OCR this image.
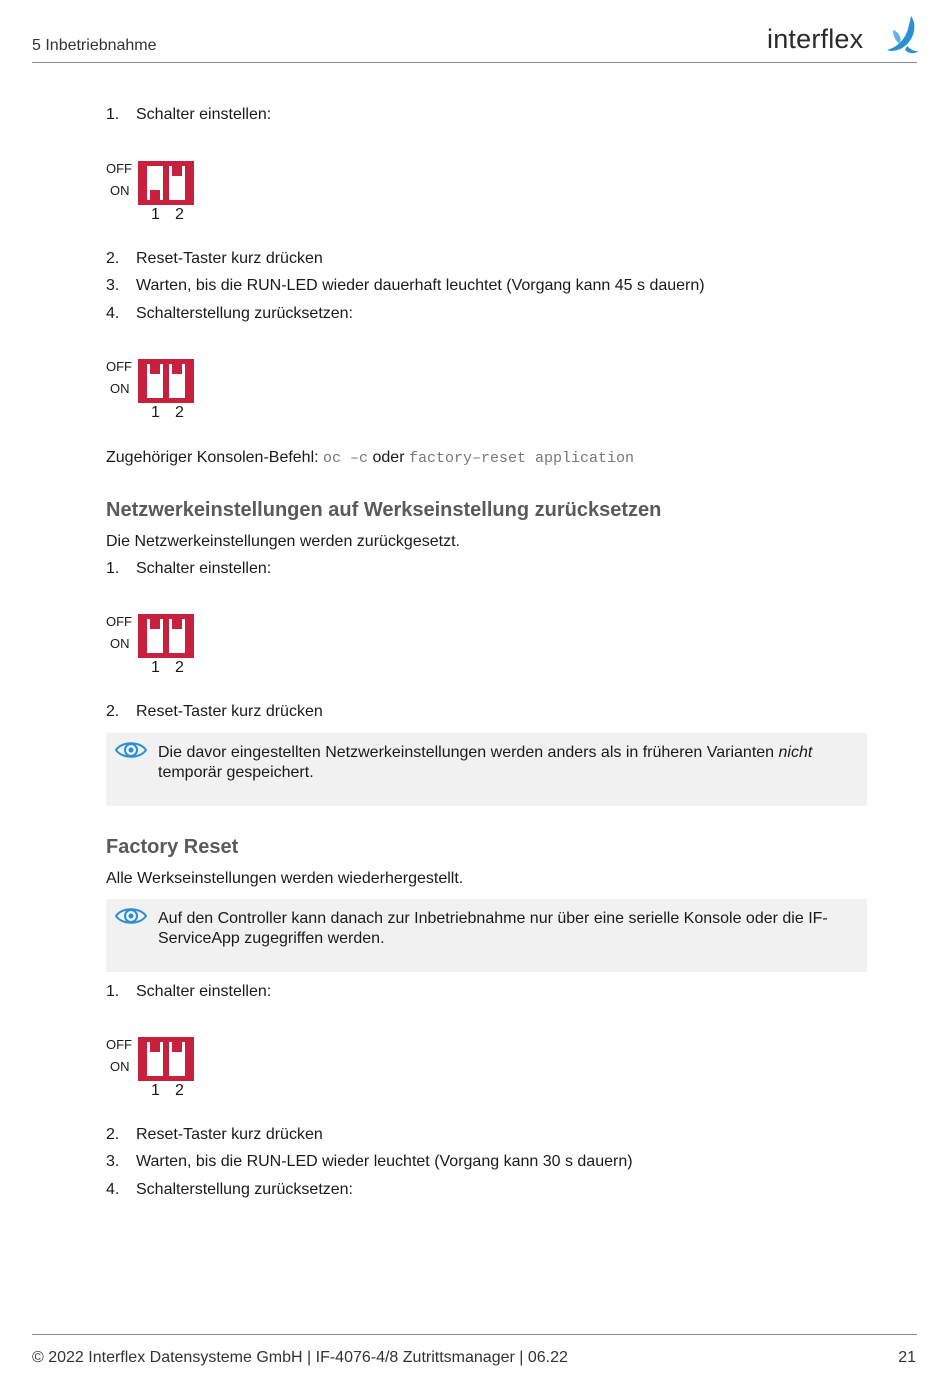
5 Inbetriebnahme	interflex
1. Schalter einstellen:
OFF
ON
1 2
2. Reset-Taster kurz drücken
3. Warten, bis die RUN-LED wieder dauerhaft leuchtet (Vorgang kann 45 s dauern)
4. Schalterstellung zurücksetzen:
OFF
ON
1 2
Zugehöriger Konsolen-Befehl: oc –c oder factory–reset application
Netzwerkeinstellungen auf Werkseinstellung zurücksetzen
Die Netzwerkeinstellungen werden zurückgesetzt.
1. Schalter einstellen:
OFF
ON
1 2
2. Reset-Taster kurz drücken
Die davor eingestellten Netzwerkeinstellungen werden anders als in früheren Varianten nicht temporär gespeichert.
Factory Reset
Alle Werkseinstellungen werden wiederhergestellt.
Auf den Controller kann danach zur Inbetriebnahme nur über eine serielle Konsole oder die IF-ServiceApp zugegriffen werden.
1. Schalter einstellen:
OFF
ON
1 2
2. Reset-Taster kurz drücken
3. Warten, bis die RUN-LED wieder leuchtet (Vorgang kann 30 s dauern)
4. Schalterstellung zurücksetzen:
© 2022 Interflex Datensysteme GmbH | IF-4076-4/8 Zutrittsmanager | 06.22	21
